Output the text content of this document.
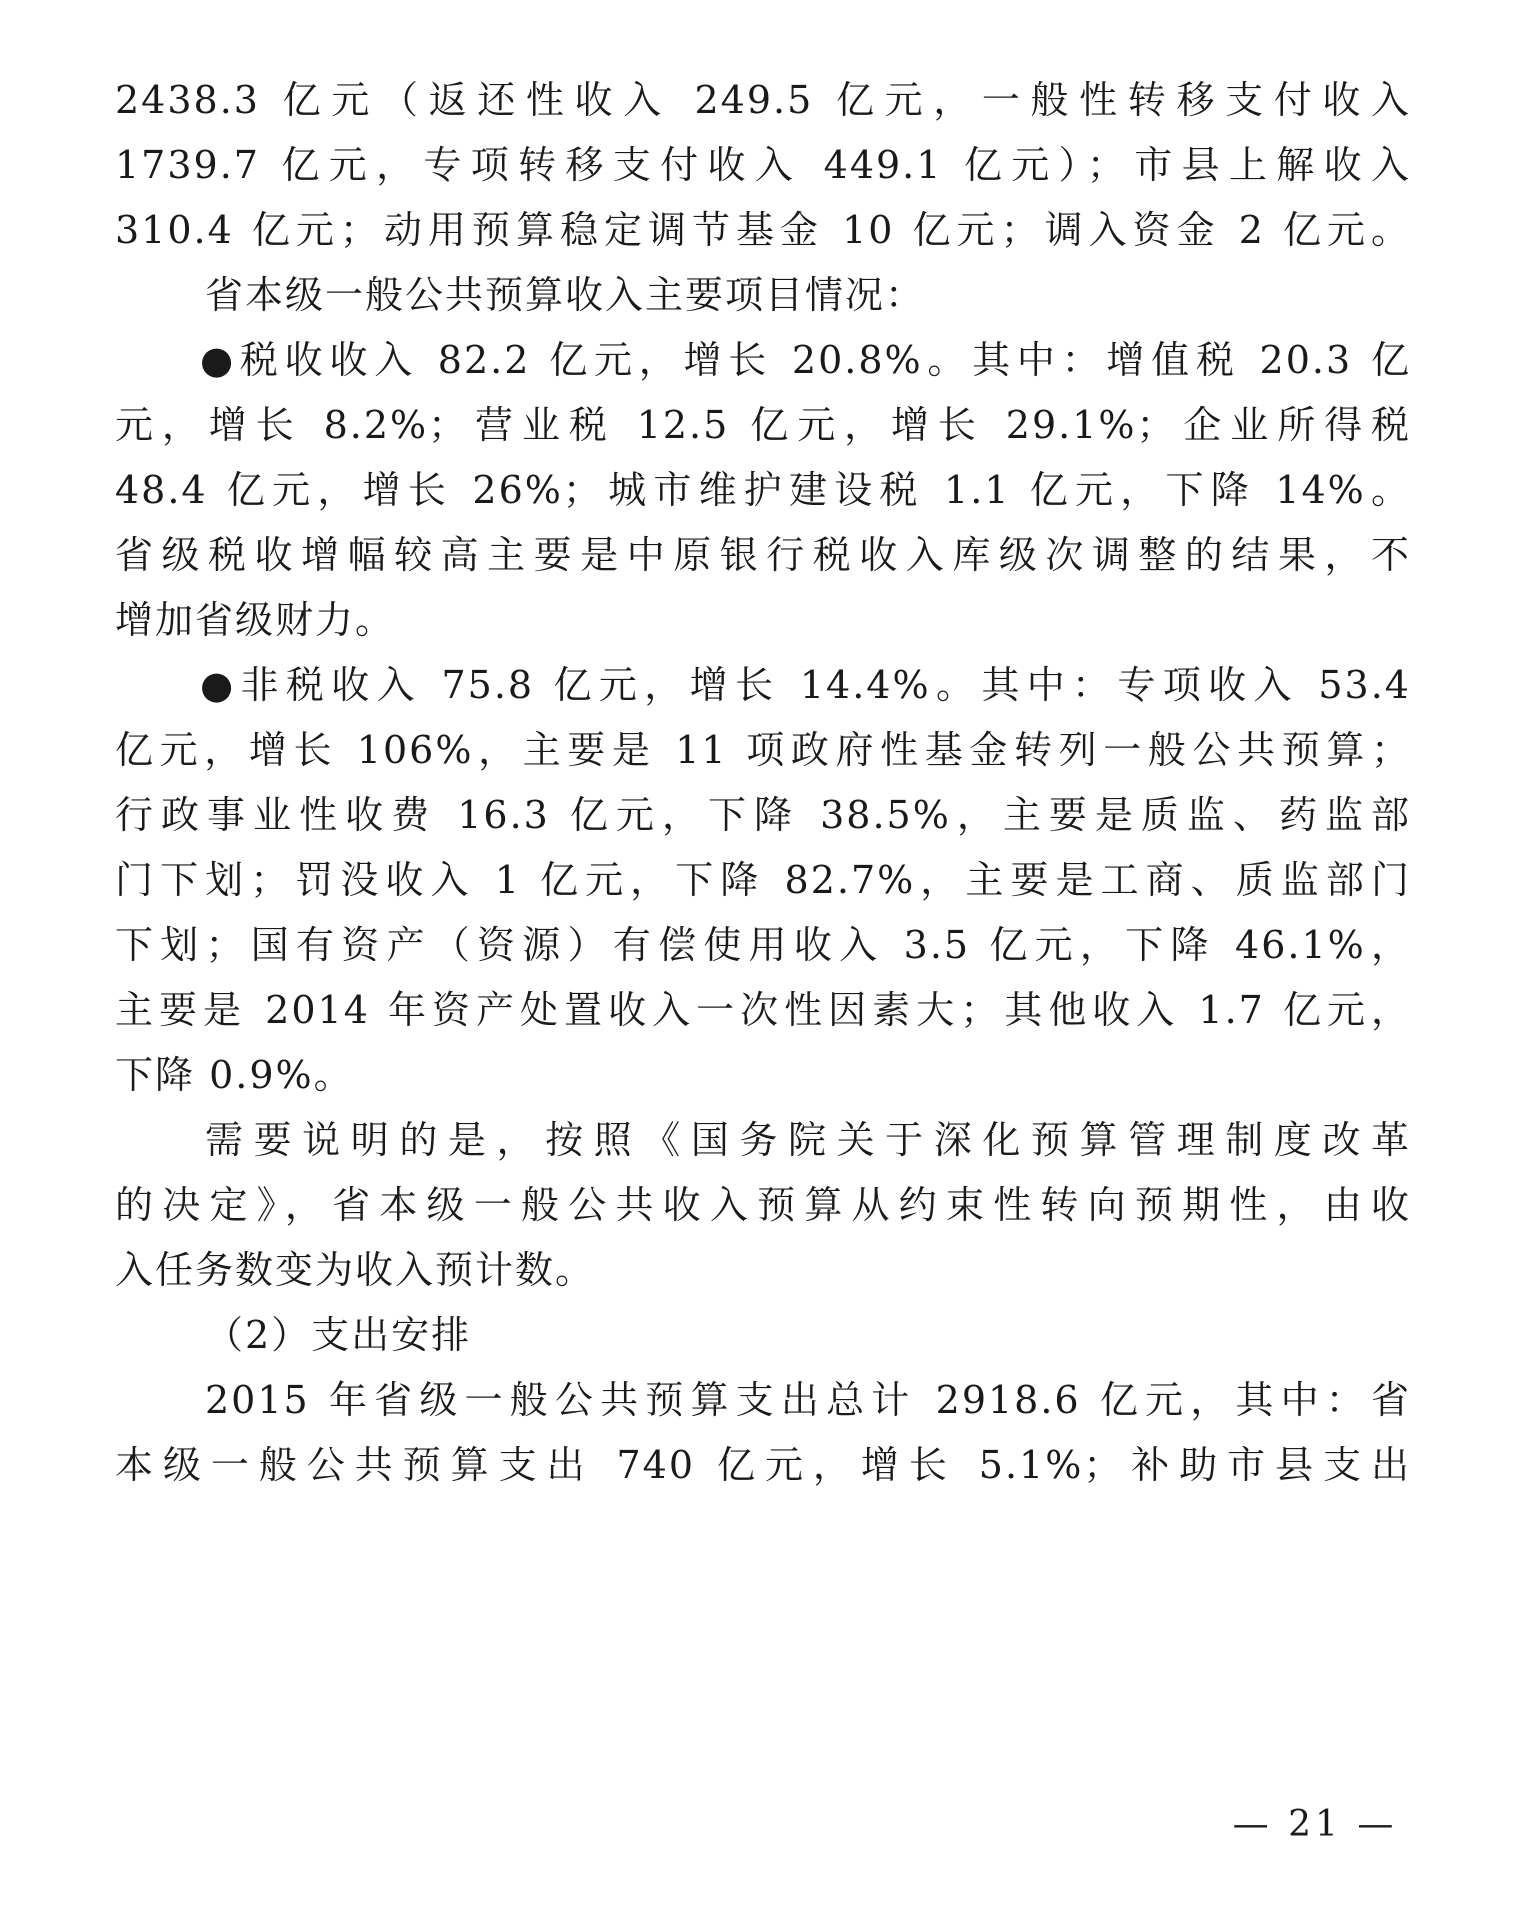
2438.3 亿元（返还性收入 249.5 亿元，一般性转移支付收入
1739.7 亿元，专项转移支付收入 449.1 亿元）；市县上解收入
310.4 亿元；动用预算稳定调节基金 10 亿元；调入资金 2 亿元。
省本级一般公共预算收入主要项目情况：
●税收收入 82.2 亿元，增长 20.8%。其中：增值税 20.3 亿
元，增长 8.2%；营业税 12.5 亿元，增长 29.1%；企业所得税
48.4 亿元，增长 26%；城市维护建设税 1.1 亿元，下降 14%。
省级税收增幅较高主要是中原银行税收入库级次调整的结果，不
增加省级财力。
●非税收入 75.8 亿元，增长 14.4%。其中：专项收入 53.4
亿元，增长 106%，主要是 11 项政府性基金转列一般公共预算；
行政事业性收费 16.3 亿元，下降 38.5%，主要是质监、药监部
门下划；罚没收入 1 亿元，下降 82.7%，主要是工商、质监部门
下划；国有资产（资源）有偿使用收入 3.5 亿元，下降 46.1%，
主要是 2014 年资产处置收入一次性因素大；其他收入 1.7 亿元，
下降 0.9%。
需要说明的是，按照《国务院关于深化预算管理制度改革
的决定》，省本级一般公共收入预算从约束性转向预期性，由收
入任务数变为收入预计数。
（2）支出安排
2015 年省级一般公共预算支出总计 2918.6 亿元，其中：省
本级一般公共预算支出 740 亿元，增长 5.1%；补助市县支出
— 21 —
